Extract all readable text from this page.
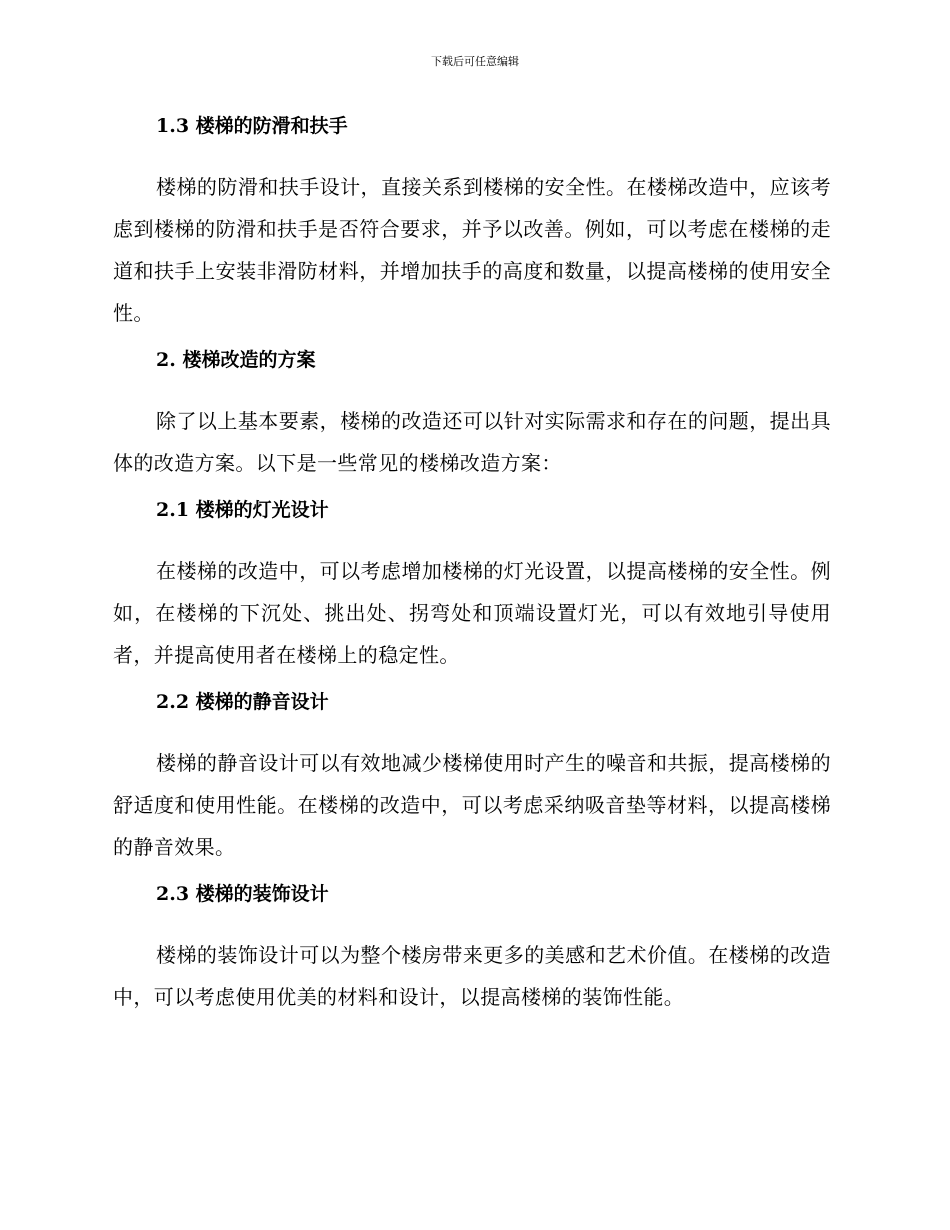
下载后可任意编辑
1.3 楼梯的防滑和扶手

楼梯的防滑和扶手设计，直接关系到楼梯的安全性。在楼梯改造中，应该考虑到楼梯的防滑和扶手是否符合要求，并予以改善。例如，可以考虑在楼梯的走道和扶手上安装非滑防材料，并增加扶手的高度和数量，以提高楼梯的使用安全性。

2. 楼梯改造的方案

除了以上基本要素，楼梯的改造还可以针对实际需求和存在的问题，提出具体的改造方案。以下是一些常见的楼梯改造方案：

2.1 楼梯的灯光设计

在楼梯的改造中，可以考虑增加楼梯的灯光设置，以提高楼梯的安全性。例如，在楼梯的下沉处、挑出处、拐弯处和顶端设置灯光，可以有效地引导使用者，并提高使用者在楼梯上的稳定性。

2.2 楼梯的静音设计

楼梯的静音设计可以有效地减少楼梯使用时产生的噪音和共振，提高楼梯的舒适度和使用性能。在楼梯的改造中，可以考虑采纳吸音垫等材料，以提高楼梯的静音效果。

2.3 楼梯的装饰设计

楼梯的装饰设计可以为整个楼房带来更多的美感和艺术价值。在楼梯的改造中，可以考虑使用优美的材料和设计，以提高楼梯的装饰性能。
